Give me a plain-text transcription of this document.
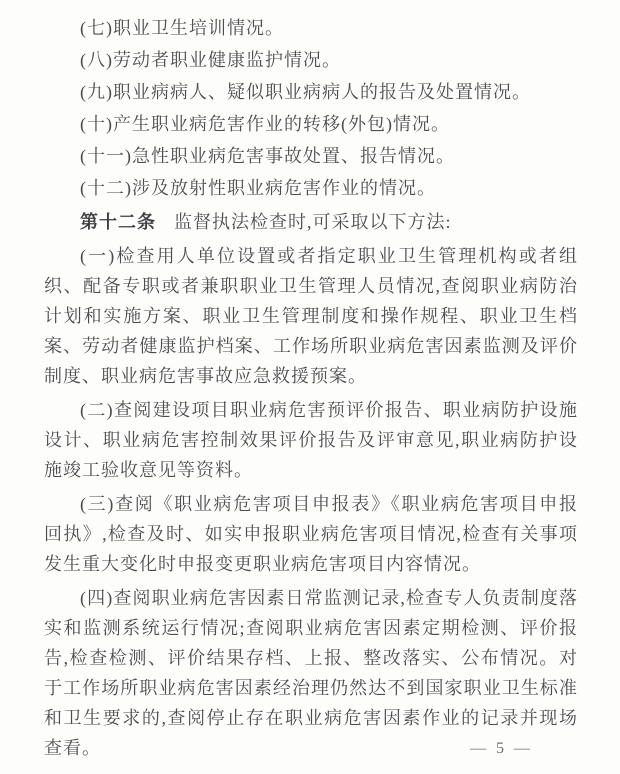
(七)职业卫生培训情况。

(八)劳动者职业健康监护情况。

(九)职业病病人、疑似职业病病人的报告及处置情况。

(十)产生职业病危害作业的转移(外包)情况。

(十一)急性职业病危害事故处置、报告情况。

(十二)涉及放射性职业病危害作业的情况。

第十二条 监督执法检查时,可采取以下方法:

(一)检查用人单位设置或者指定职业卫生管理机构或者组织、配备专职或者兼职职业卫生管理人员情况,查阅职业病防治计划和实施方案、职业卫生管理制度和操作规程、职业卫生档案、劳动者健康监护档案、工作场所职业病危害因素监测及评价制度、职业病危害事故应急救援预案。

(二)查阅建设项目职业病危害预评价报告、职业病防护设施设计、职业病危害控制效果评价报告及评审意见,职业病防护设施竣工验收意见等资料。

(三)查阅《职业病危害项目申报表》《职业病危害项目申报回执》,检查及时、如实申报职业病危害项目情况,检查有关事项发生重大变化时申报变更职业病危害项目内容情况。

(四)查阅职业病危害因素日常监测记录,检查专人负责制度落实和监测系统运行情况;查阅职业病危害因素定期检测、评价报告,检查检测、评价结果存档、上报、整改落实、公布情况。对于工作场所职业病危害因素经治理仍然达不到国家职业卫生标准和卫生要求的,查阅停止存在职业病危害因素作业的记录并现场查看。	— 5 —
